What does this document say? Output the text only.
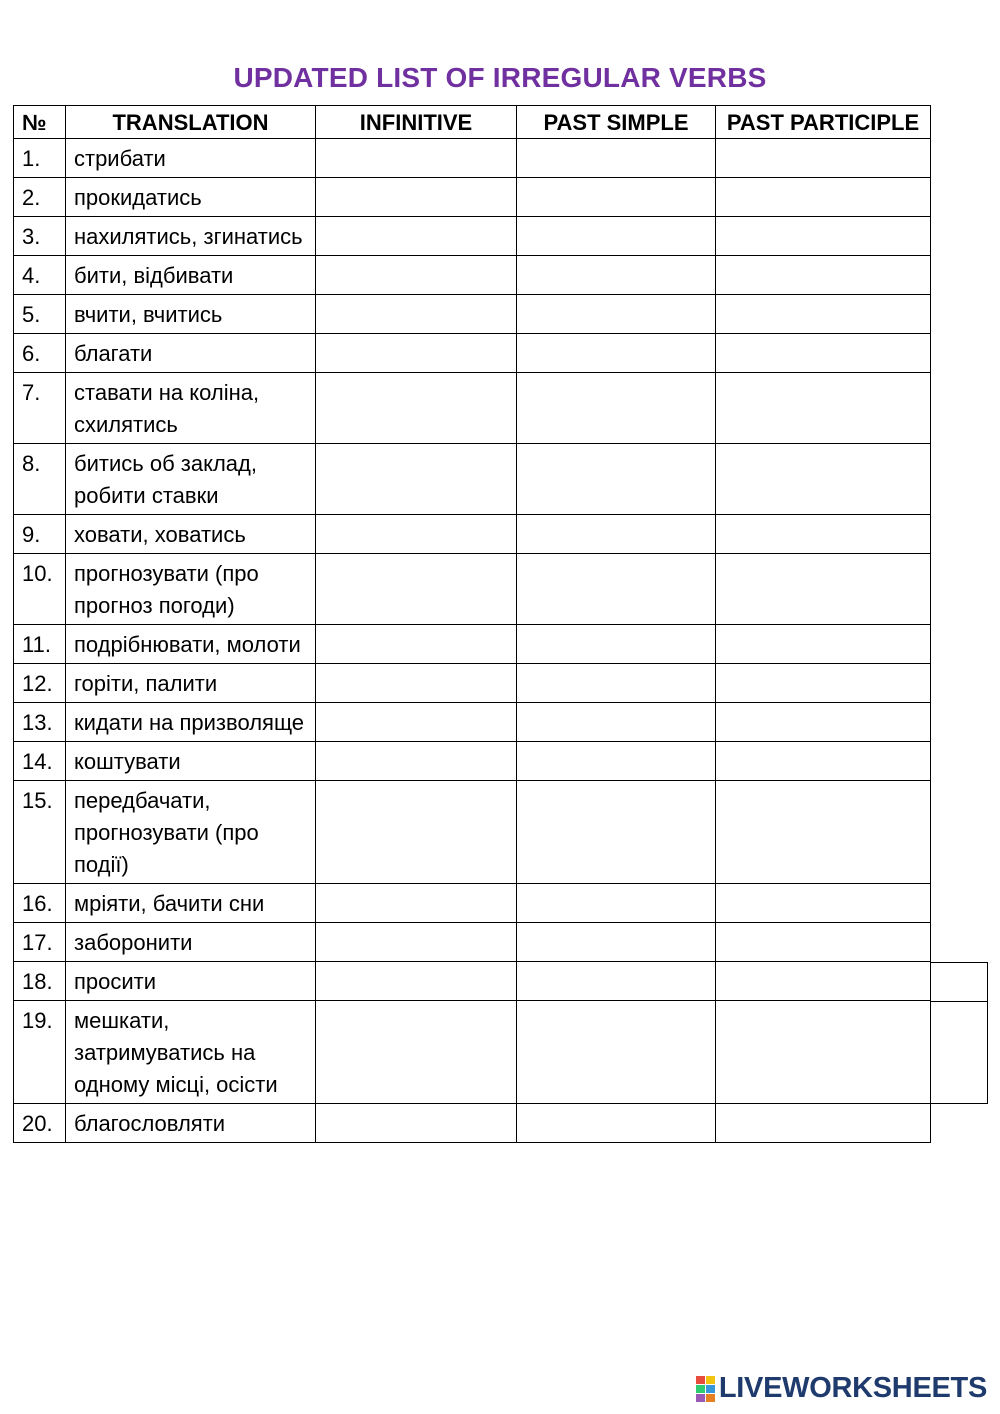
UPDATED LIST OF IRREGULAR VERBS
№	TRANSLATION	INFINITIVE	PAST SIMPLE	PAST PARTICIPLE
1.	стрибати			
2.	прокидатись			
3.	нахилятись, згинатись			
4.	бити, відбивати			
5.	вчити, вчитись			
6.	благати			
7.	ставати на коліна, схилятись			
8.	битись об заклад, робити ставки			
9.	ховати, ховатись			
10.	прогнозувати (про прогноз погоди)			
11.	подрібнювати, молоти			
12.	горіти, палити			
13.	кидати на призволяще			
14.	коштувати			
15.	передбачати, прогнозувати (про події)			
16.	мріяти, бачити сни			
17.	заборонити			
18.	просити			
19.	мешкати, затримуватись на одному місці, осісти			
20.	благословляти			
LIVEWORKSHEETS
